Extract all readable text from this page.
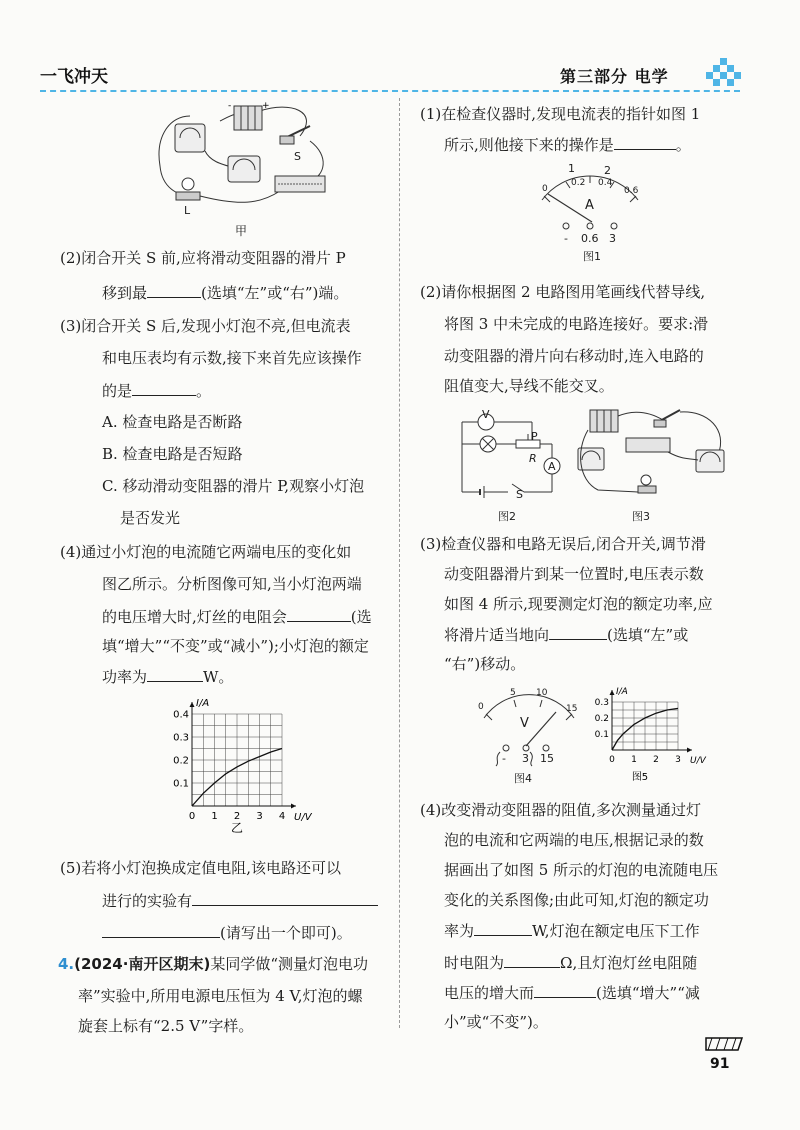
一飞冲天	第三部分 电学
-	+
S
L
甲
(2)闭合开关 S 前,应将滑动变阻器的滑片 P
移到最	(选填“左”或“右”)端。
(3)闭合开关 S 后,发现小灯泡不亮,但电流表
和电压表均有示数,接下来首先应该操作
的是	。
A. 检查电路是否断路
B. 检查电路是否短路
C. 移动滑动变阻器的滑片 P,观察小灯泡
是否发光
(4)通过小灯泡的电流随它两端电压的变化如
图乙所示。分析图像可知,当小灯泡两端
的电压增大时,灯丝的电阻会	(选
填“增大”“不变”或“减小”);小灯泡的额定
功率为	W。
0 1 2 3 4
0.1
0.2
0.3
0.4
U/V
I/A
乙
(5)若将小灯泡换成定值电阻,该电路还可以
进行的实验有
(请写出一个即可)。
4.(2024·南开区期末)某同学做“测量灯泡电功
率”实验中,所用电源电压恒为 4 V,灯泡的螺
旋套上标有“2.5 V”字样。
(1)在检查仪器时,发现电流表的指针如图 1
所示,则他接下来的操作是	。
1	2
0
0.2 0.4
0.6
A
- 0.6 3
图1
(2)请你根据图 2 电路图用笔画线代替导线,
将图 3 中未完成的电路连接好。要求:滑
动变阻器的滑片向右移动时,连入电路的
阻值变大,导线不能交叉。
V
P
R
A
S
图2	图3
(3)检查仪器和电路无误后,闭合开关,调节滑
动变阻器滑片到某一位置时,电压表示数
如图 4 所示,现要测定灯泡的额定功率,应
将滑片适当地向	(选填“左”或
“右”)移动。
0
5 10
15
V
- 3 15
图4
0 1 2 3
0.1
0.2
0.3
U/V
I/A
图5
(4)改变滑动变阻器的阻值,多次测量通过灯
泡的电流和它两端的电压,根据记录的数
据画出了如图 5 所示的灯泡的电流随电压
变化的关系图像;由此可知,灯泡的额定功
率为	W,灯泡在额定电压下工作
时电阻为	Ω,且灯泡灯丝电阻随
电压的增大而	(选填“增大”“减
小”或“不变”)。
91
